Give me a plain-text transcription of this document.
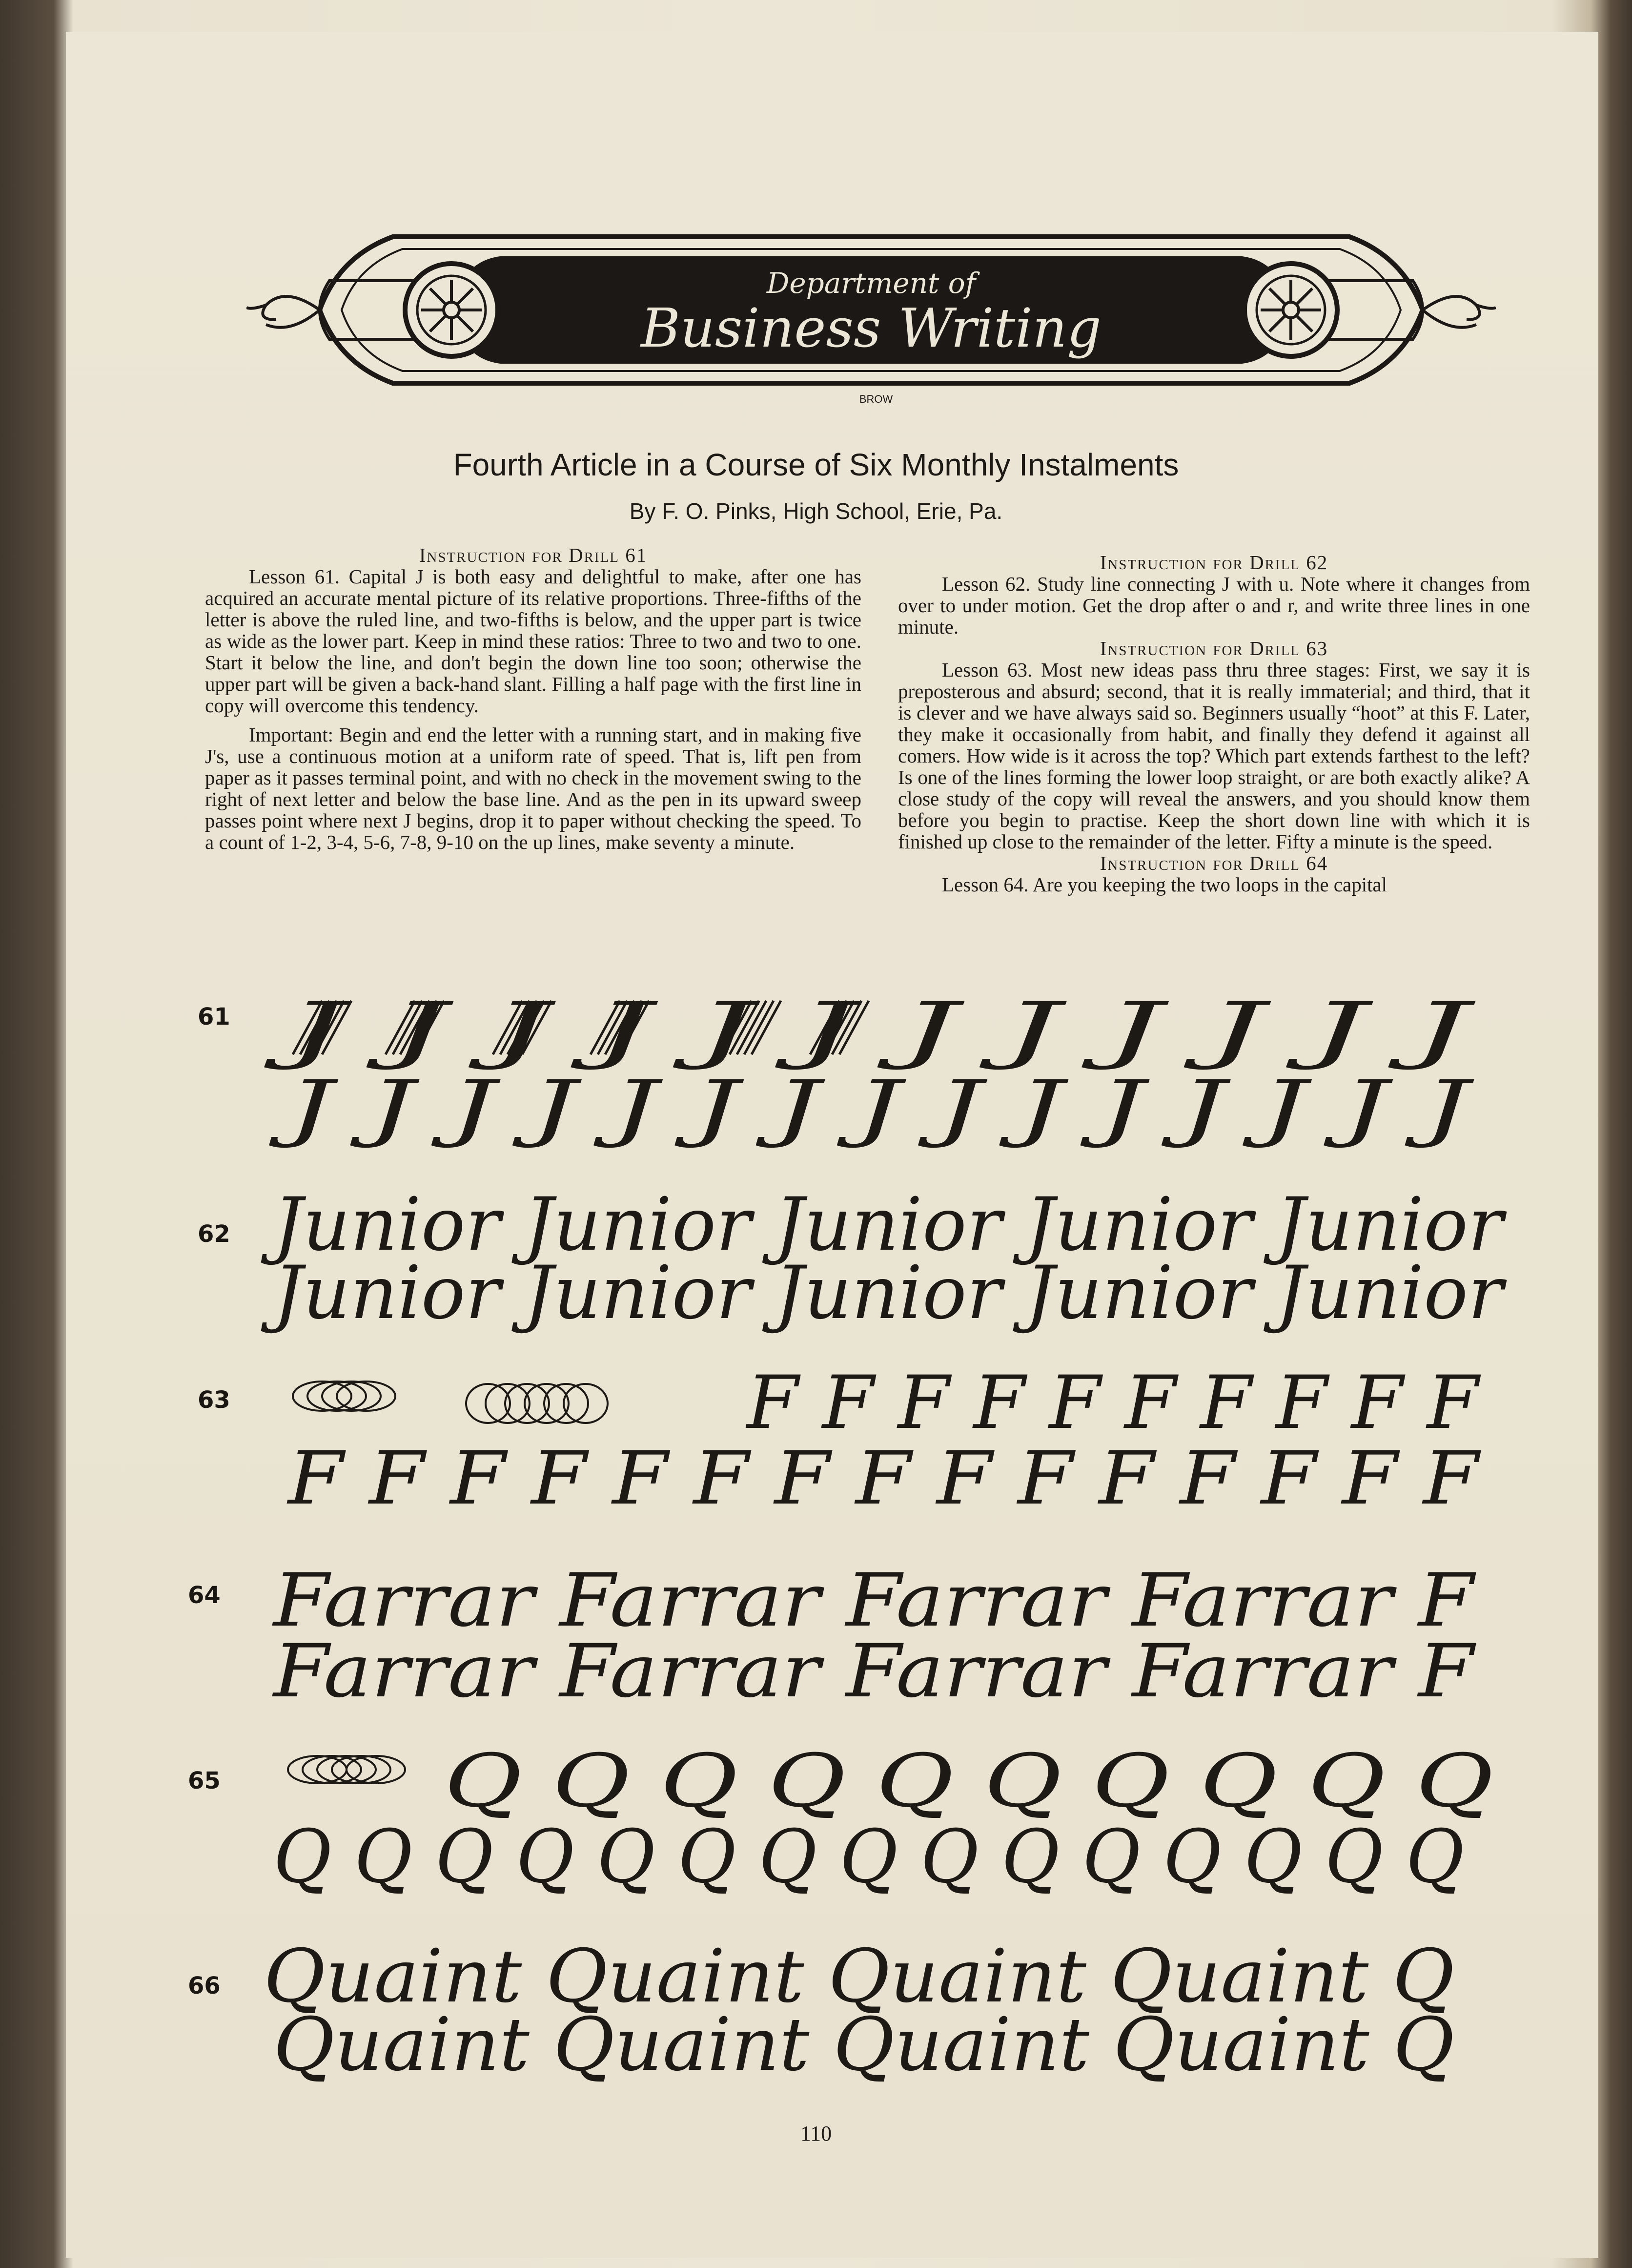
Department of
Business Writing
BROW
Fourth Article in a Course of Six Monthly Instalments
By F. O. Pinks, High School, Erie, Pa.
Instruction for Drill 61

Lesson 61. Capital J is both easy and delightful to make, after one has acquired an accurate mental picture of its relative proportions. Three-fifths of the letter is above the ruled line, and two-fifths is below, and the upper part is twice as wide as the lower part. Keep in mind these ratios: Three to two and two to one. Start it below the line, and don't begin the down line too soon; otherwise the upper part will be given a back-hand slant. Filling a half page with the first line in copy will overcome this tendency.

Important: Begin and end the letter with a running start, and in making five J's, use a continuous motion at a uniform rate of speed. That is, lift pen from paper as it passes terminal point, and with no check in the movement swing to the right of next letter and below the base line. And as the pen in its upward sweep passes point where next J begins, drop it to paper without checking the speed. To a count of 1-2, 3-4, 5-6, 7-8, 9-10 on the up lines, make seventy a minute.

Instruction for Drill 62

Lesson 62. Study line connecting J with u. Note where it changes from over to under motion. Get the drop after o and r, and write three lines in one minute.

Instruction for Drill 63

Lesson 63. Most new ideas pass thru three stages: First, we say it is preposterous and absurd; second, that it is really immaterial; and third, that it is clever and we have always said so. Beginners usually “hoot” at this F. Later, they make it occasionally from habit, and finally they defend it against all comers. How wide is it across the top? Which part extends farthest to the left? Is one of the lines forming the lower loop straight, or are both exactly alike? A close study of the copy will reveal the answers, and you should know them before you begin to practise. Keep the short down line with which it is finished up close to the remainder of the letter. Fifty a minute is the speed.

Instruction for Drill 64

Lesson 64. Are you keeping the two loops in the capital

61
62
63
64
65
66
J J J J J J J J J J J J
J J J J J J J J J J J J J J J
Junior Junior Junior Junior Junior
Junior Junior Junior Junior Junior
F F F F F F F F F F
F F F F F F F F F F F F F F F
Farrar Farrar Farrar Farrar F
Farrar Farrar Farrar Farrar F
Q Q Q Q Q Q Q Q Q Q
Q Q Q Q Q Q Q Q Q Q Q Q Q Q Q
Quaint Quaint Quaint Quaint Q
Quaint Quaint Quaint Quaint Q
110
